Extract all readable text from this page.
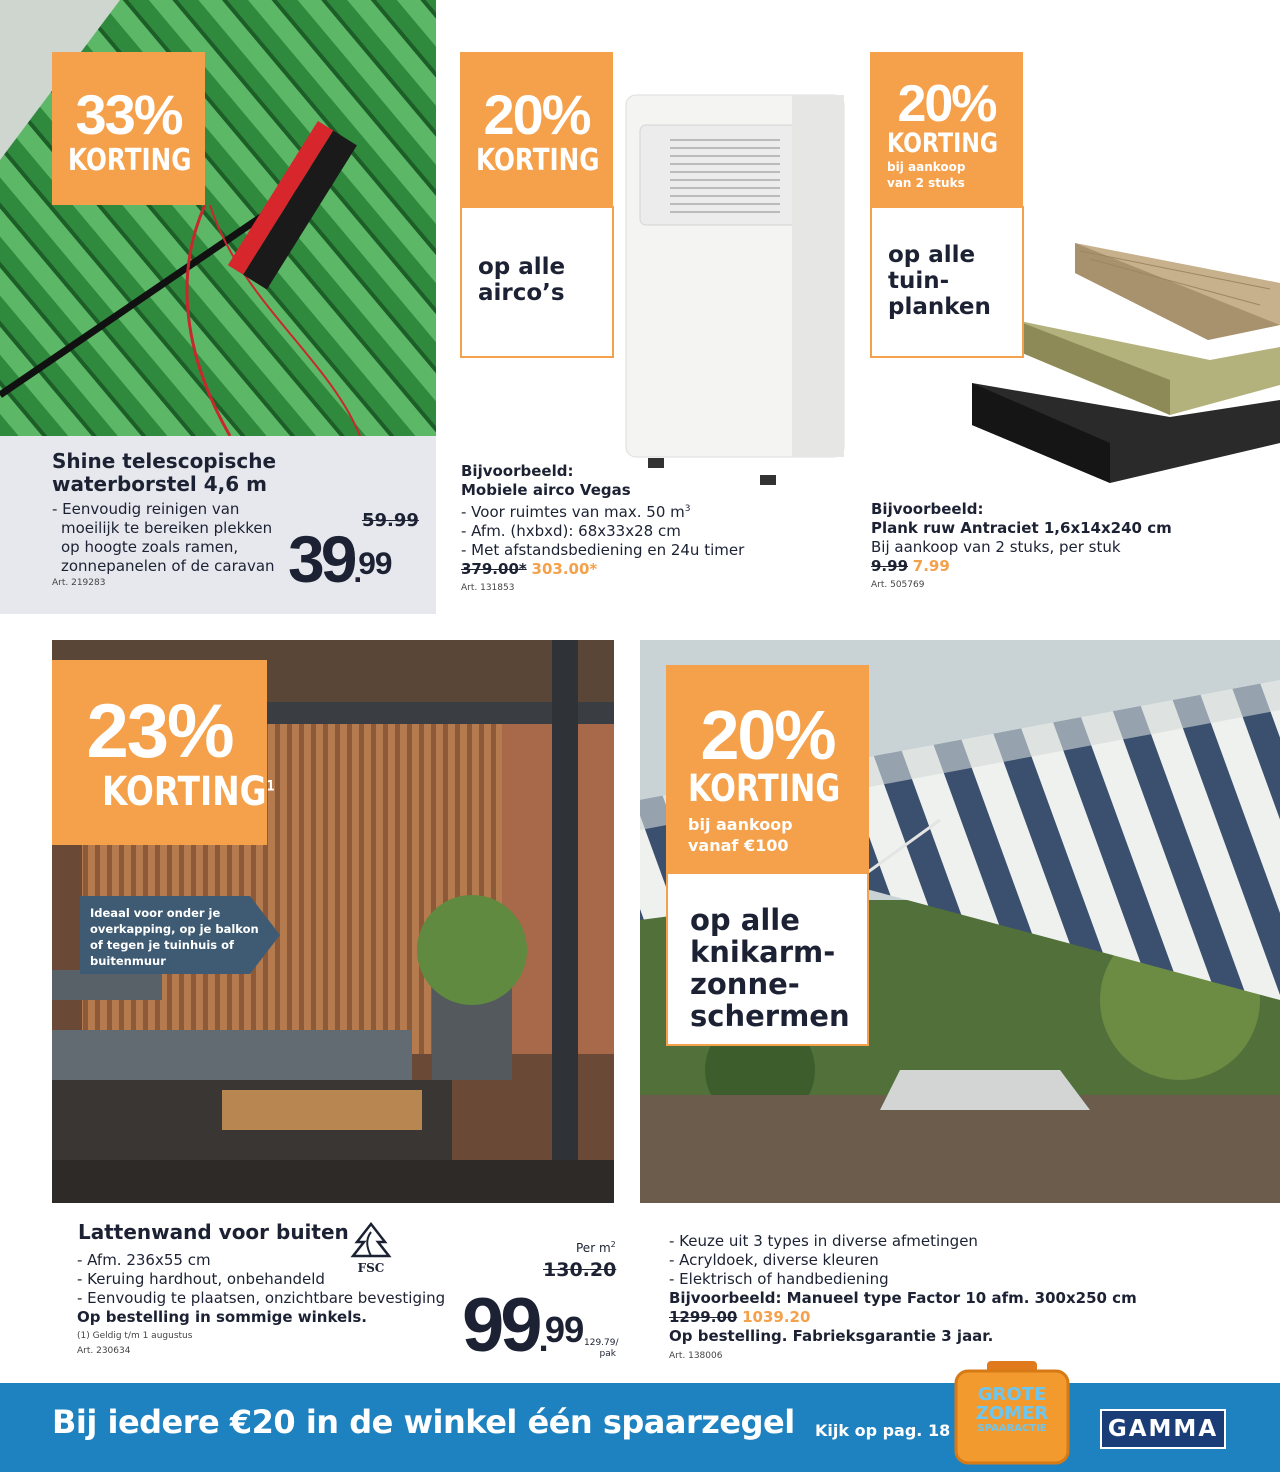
33%
KORTING
Shine telescopische
waterborstel 4,6 m
- Eenvoudig reinigen van
moeilijk te bereiken plekken
op hoogte zoals ramen,
zonnepanelen of de caravan
Art. 219283
59.99
39.99
20%
KORTING
op alle
airco’s
Bijvoorbeeld:
Mobiele airco Vegas
- Voor ruimtes van max. 50 $m^3$
- Afm. (hxbxd): 68x33x28 cm
- Met afstandsbediening en 24u timer
379.00* 303.00*
Art. 131853
20%
KORTING
bij aankoop
van 2 stuks
op alle
tuin-
planken
Bijvoorbeeld:
Plank ruw Antraciet 1,6x14x240 cm
Bij aankoop van 2 stuks, per stuk
9.99 7.99
Art. 505769
23%
KORTING$^1$
Ideaal voor onder je
overkapping, op je balkon
of tegen je tuinhuis of
buitenmuur
Lattenwand voor buiten
FSC
- Afm. 236x55 cm
- Keruing hardhout, onbehandeld
- Eenvoudig te plaatsen, onzichtbare bevestiging
Op bestelling in sommige winkels.
(1) Geldig t/m 1 augustus
Art. 230634
Per $m^2$
130.20
99.99 129.79/
pak
20%
KORTING
bij aankoop
vanaf €100
op alle
knikarm-
zonne-
schermen
- Keuze uit 3 types in diverse afmetingen
- Acryldoek, diverse kleuren
- Elektrisch of handbediening
Bijvoorbeeld: Manueel type Factor 10 afm. 300x250 cm
1299.00 1039.20
Op bestelling. Fabrieksgarantie 3 jaar.
Art. 138006
Bij iedere €20 in de winkel één spaarzegel Kijk op pag. 18
GROTE
ZOMER
SPAARACTIE	GAMMA
